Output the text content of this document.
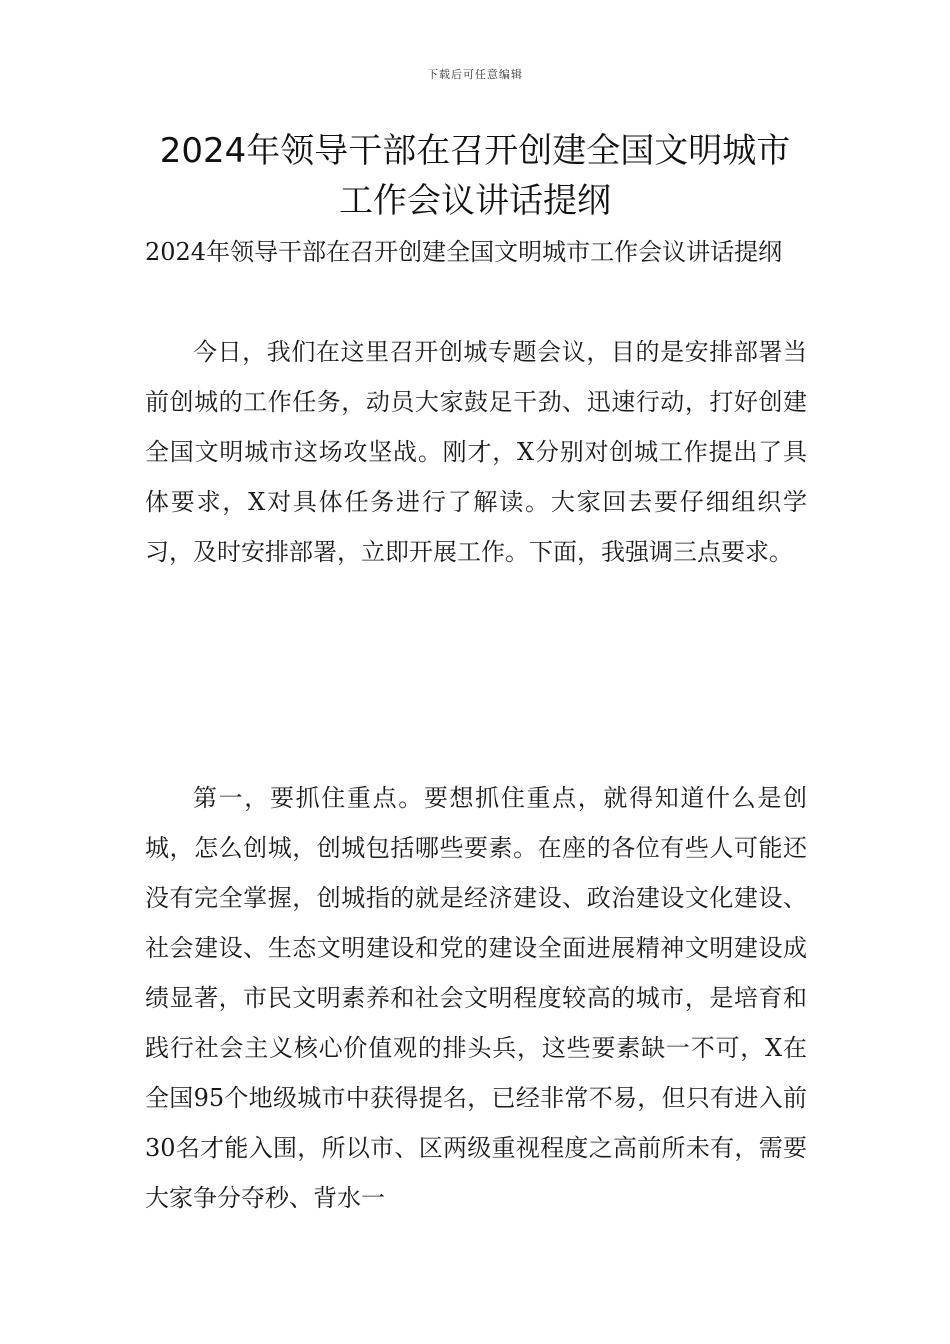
下载后可任意编辑
2024年领导干部在召开创建全国文明城市
工作会议讲话提纲
2024年领导干部在召开创建全国文明城市工作会议讲话提纲

今日，我们在这里召开创城专题会议，目的是安排部署当前创城的工作任务，动员大家鼓足干劲、迅速行动，打好创建全国文明城市这场攻坚战。刚才，X分别对创城工作提出了具体要求，X对具体任务进行了解读。大家回去要仔细组织学习，及时安排部署，立即开展工作。下面，我强调三点要求。

第一，要抓住重点。要想抓住重点，就得知道什么是创城，怎么创城，创城包括哪些要素。在座的各位有些人可能还没有完全掌握，创城指的就是经济建设、政治建设文化建设、社会建设、生态文明建设和党的建设全面进展精神文明建设成绩显著，市民文明素养和社会文明程度较高的城市，是培育和践行社会主义核心价值观的排头兵，这些要素缺一不可，X在全国95个地级城市中获得提名，已经非常不易，但只有进入前30名才能入围，所以市、区两级重视程度之高前所未有，需要大家争分夺秒、背水一
